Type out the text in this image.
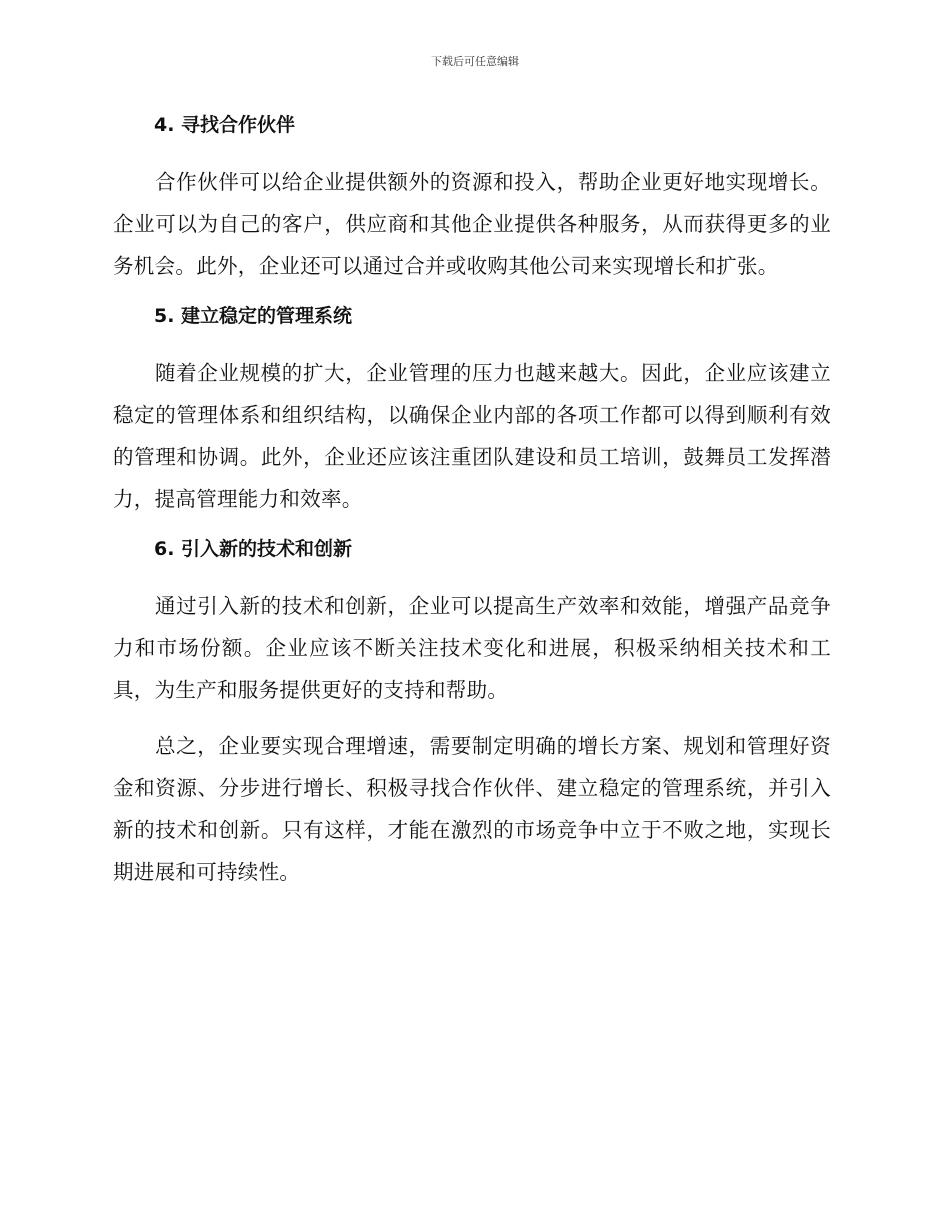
下载后可任意编辑
4. 寻找合作伙伴

合作伙伴可以给企业提供额外的资源和投入，帮助企业更好地实现增长。企业可以为自己的客户，供应商和其他企业提供各种服务，从而获得更多的业务机会。此外，企业还可以通过合并或收购其他公司来实现增长和扩张。

5. 建立稳定的管理系统

随着企业规模的扩大，企业管理的压力也越来越大。因此，企业应该建立稳定的管理体系和组织结构，以确保企业内部的各项工作都可以得到顺利有效的管理和协调。此外，企业还应该注重团队建设和员工培训，鼓舞员工发挥潜力，提高管理能力和效率。

6. 引入新的技术和创新

通过引入新的技术和创新，企业可以提高生产效率和效能，增强产品竞争力和市场份额。企业应该不断关注技术变化和进展，积极采纳相关技术和工具，为生产和服务提供更好的支持和帮助。

总之，企业要实现合理增速，需要制定明确的增长方案、规划和管理好资金和资源、分步进行增长、积极寻找合作伙伴、建立稳定的管理系统，并引入新的技术和创新。只有这样，才能在激烈的市场竞争中立于不败之地，实现长期进展和可持续性。
